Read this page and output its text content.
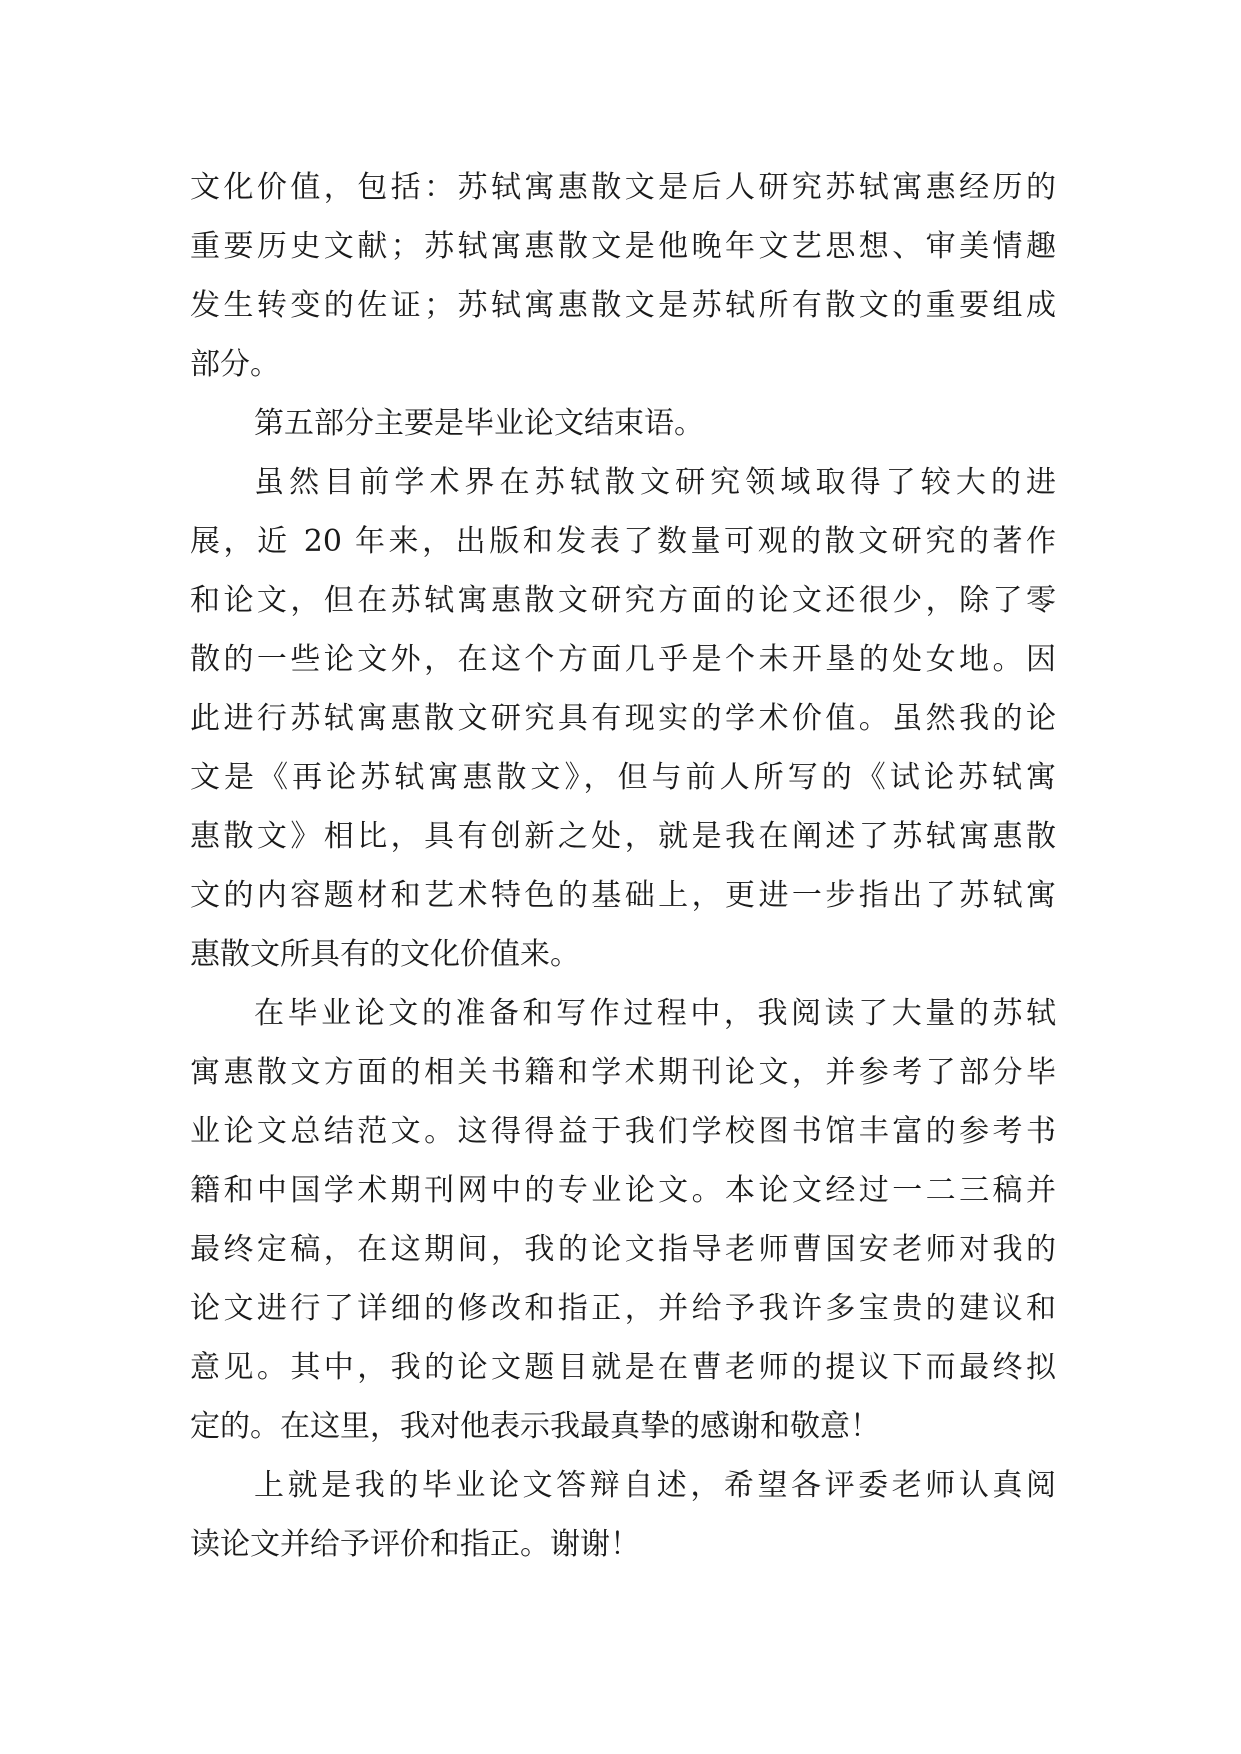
文化价值，包括：苏轼寓惠散文是后人研究苏轼寓惠经历的
重要历史文献；苏轼寓惠散文是他晚年文艺思想、审美情趣
发生转变的佐证；苏轼寓惠散文是苏轼所有散文的重要组成
部分。
第五部分主要是毕业论文结束语。
虽然目前学术界在苏轼散文研究领域取得了较大的进
展，近 20 年来，出版和发表了数量可观的散文研究的著作
和论文，但在苏轼寓惠散文研究方面的论文还很少，除了零
散的一些论文外，在这个方面几乎是个未开垦的处女地。因
此进行苏轼寓惠散文研究具有现实的学术价值。虽然我的论
文是《再论苏轼寓惠散文》，但与前人所写的《试论苏轼寓
惠散文》相比，具有创新之处，就是我在阐述了苏轼寓惠散
文的内容题材和艺术特色的基础上，更进一步指出了苏轼寓
惠散文所具有的文化价值来。
在毕业论文的准备和写作过程中，我阅读了大量的苏轼
寓惠散文方面的相关书籍和学术期刊论文，并参考了部分毕
业论文总结范文。这得得益于我们学校图书馆丰富的参考书
籍和中国学术期刊网中的专业论文。本论文经过一二三稿并
最终定稿，在这期间，我的论文指导老师曹国安老师对我的
论文进行了详细的修改和指正，并给予我许多宝贵的建议和
意见。其中，我的论文题目就是在曹老师的提议下而最终拟
定的。在这里，我对他表示我最真挚的感谢和敬意！
上就是我的毕业论文答辩自述，希望各评委老师认真阅
读论文并给予评价和指正。谢谢！
